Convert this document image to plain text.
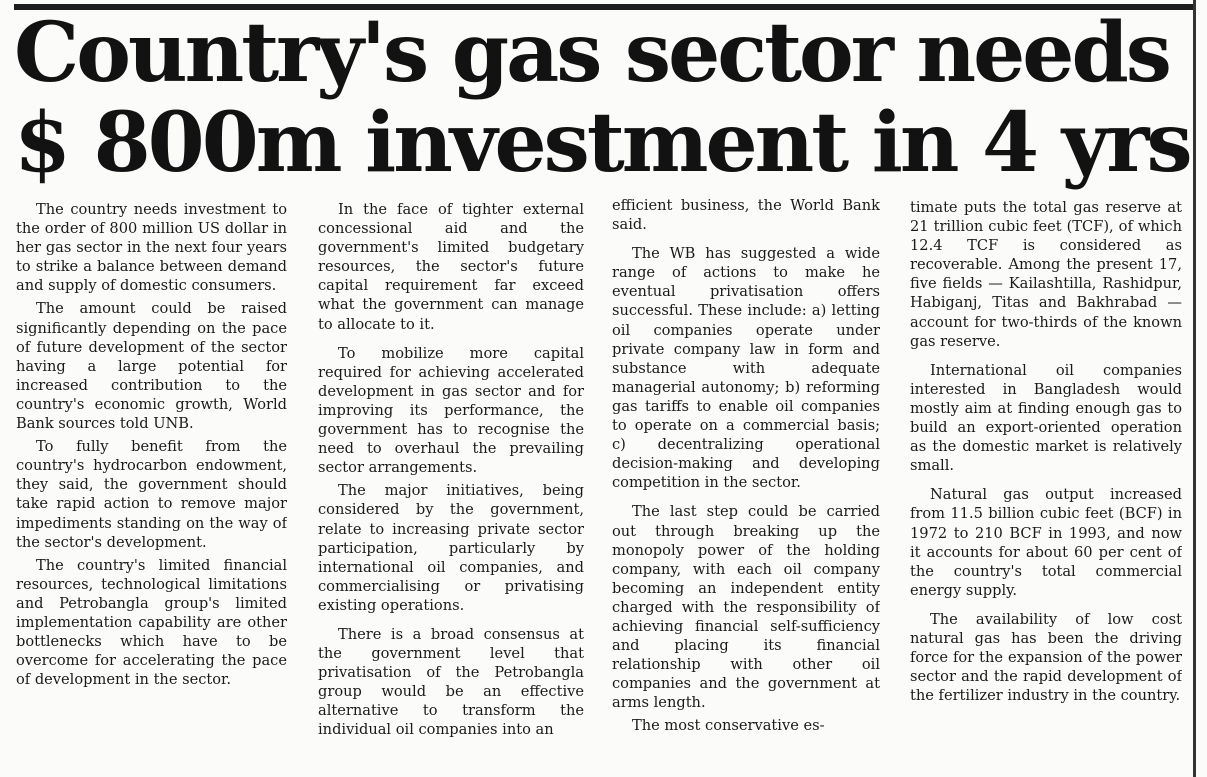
Country's gas sector needs
$ 800m investment in 4 yrs

The country needs investment to the order of 800 million US dollar in her gas sector in the next four years to strike a balance between demand and supply of domestic consumers.

The amount could be raised significantly depending on the pace of future development of the sector having a large potential for increased contribution to the country's economic growth, World Bank sources told UNB.

To fully benefit from the country's hydrocarbon endowment, they said, the government should take rapid action to remove major impediments standing on the way of the sector's development.

The country's limited financial resources, technological limitations and Petrobangla group's limited implementation capability are other bottlenecks which have to be overcome for accelerating the pace of development in the sector.

In the face of tighter external concessional aid and the government's limited budgetary resources, the sector's future capital requirement far exceed what the government can manage to allocate to it.

To mobilize more capital required for achieving accelerated development in gas sector and for improving its performance, the government has to recognise the need to overhaul the prevailing sector arrangements.

The major initiatives, being considered by the government, relate to increasing private sector participation, particularly by international oil companies, and commercialising or privatising existing operations.

There is a broad consensus at the government level that privatisation of the Petrobangla group would be an effective alternative to transform the individual oil companies into an

efficient business, the World Bank said.

The WB has suggested a wide range of actions to make he eventual privatisation offers successful. These include: a) letting oil companies operate under private company law in form and substance with adequate managerial autonomy; b) reforming gas tariffs to enable oil companies to operate on a commercial basis; c) decentralizing operational decision-making and developing competition in the sector.

The last step could be carried out through breaking up the monopoly power of the holding company, with each oil company becoming an independent entity charged with the responsibility of achieving financial self-sufficiency and placing its financial relationship with other oil companies and the government at arms length.

The most conservative es-

timate puts the total gas reserve at 21 trillion cubic feet (TCF), of which 12.4 TCF is considered as recoverable. Among the present 17, five fields — Kailashtilla, Rashidpur, Habiganj, Titas and Bakhrabad — account for two-thirds of the known gas reserve.

International oil companies interested in Bangladesh would mostly aim at finding enough gas to build an export-oriented operation as the domestic market is relatively small.

Natural gas output increased from 11.5 billion cubic feet (BCF) in 1972 to 210 BCF in 1993, and now it accounts for about 60 per cent of the country's total commercial energy supply.

The availability of low cost natural gas has been the driving force for the expansion of the power sector and the rapid development of the fertilizer industry in the country.
